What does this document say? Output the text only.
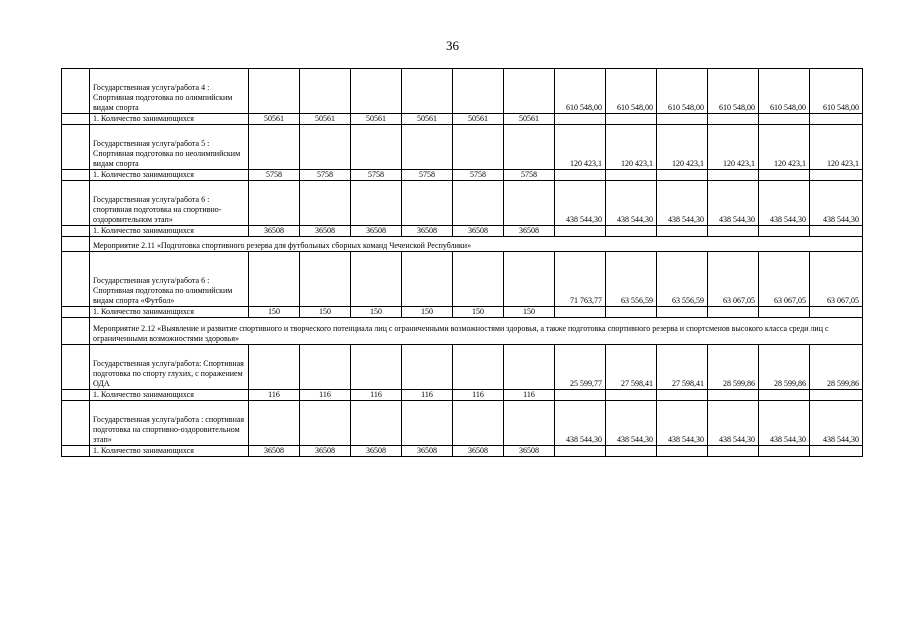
36
	Государственная услуга/работа 4 : Спортивная подготовка по олимпийским видам спорта							610 548,00	610 548,00	610 548,00	610 548,00	610 548,00	610 548,00
	1. Количество занимающихся	50561	50561	50561	50561	50561	50561						
	Государственная услуга/работа 5 : Спортивная подготовка по неолимпийским видам спорта							120 423,1	120 423,1	120 423,1	120 423,1	120 423,1	120 423,1
	1. Количество занимающихся	5758	5758	5758	5758	5758	5758						
	Государственная услуга/работа 6 : спортивная подготовка на спортивно-оздоровительном этап»							438 544,30	438 544,30	438 544,30	438 544,30	438 544,30	438 544,30
	1. Количество занимающихся	36508	36508	36508	36508	36508	36508						
	Мероприятие 2.11 «Подготовка спортивного резерва для футбольных сборных команд Чеченской Республики»												
	Государственная услуга/работа 6 : Спортивная подготовка по олимпийским видам спорта «Футбол»							71 763,77	63 556,59	63 556,59	63 067,05	63 067,05	63 067,05
	1. Количество занимающихся	150	150	150	150	150	150						
	Мероприятие 2.12 «Выявление и развитие спортивного и творческого потенциала лиц с ограниченными возможностями здоровья, а также подготовка спортивного резерва и спортсменов высокого класса среди лиц с ограниченными возможностями здоровья»												
	Государственная услуга/работа: Спортивная подготовка по спорту глухих, с поражением ОДА							25 599,77	27 598,41	27 598,41	28 599,86	28 599,86	28 599,86
	1. Количество занимающихся	116	116	116	116	116	116						
	Государственная услуга/работа : спортивная подготовка на спортивно-оздоровительном этап»							438 544,30	438 544,30	438 544,30	438 544,30	438 544,30	438 544,30
	1. Количество занимающихся	36508	36508	36508	36508	36508	36508						
